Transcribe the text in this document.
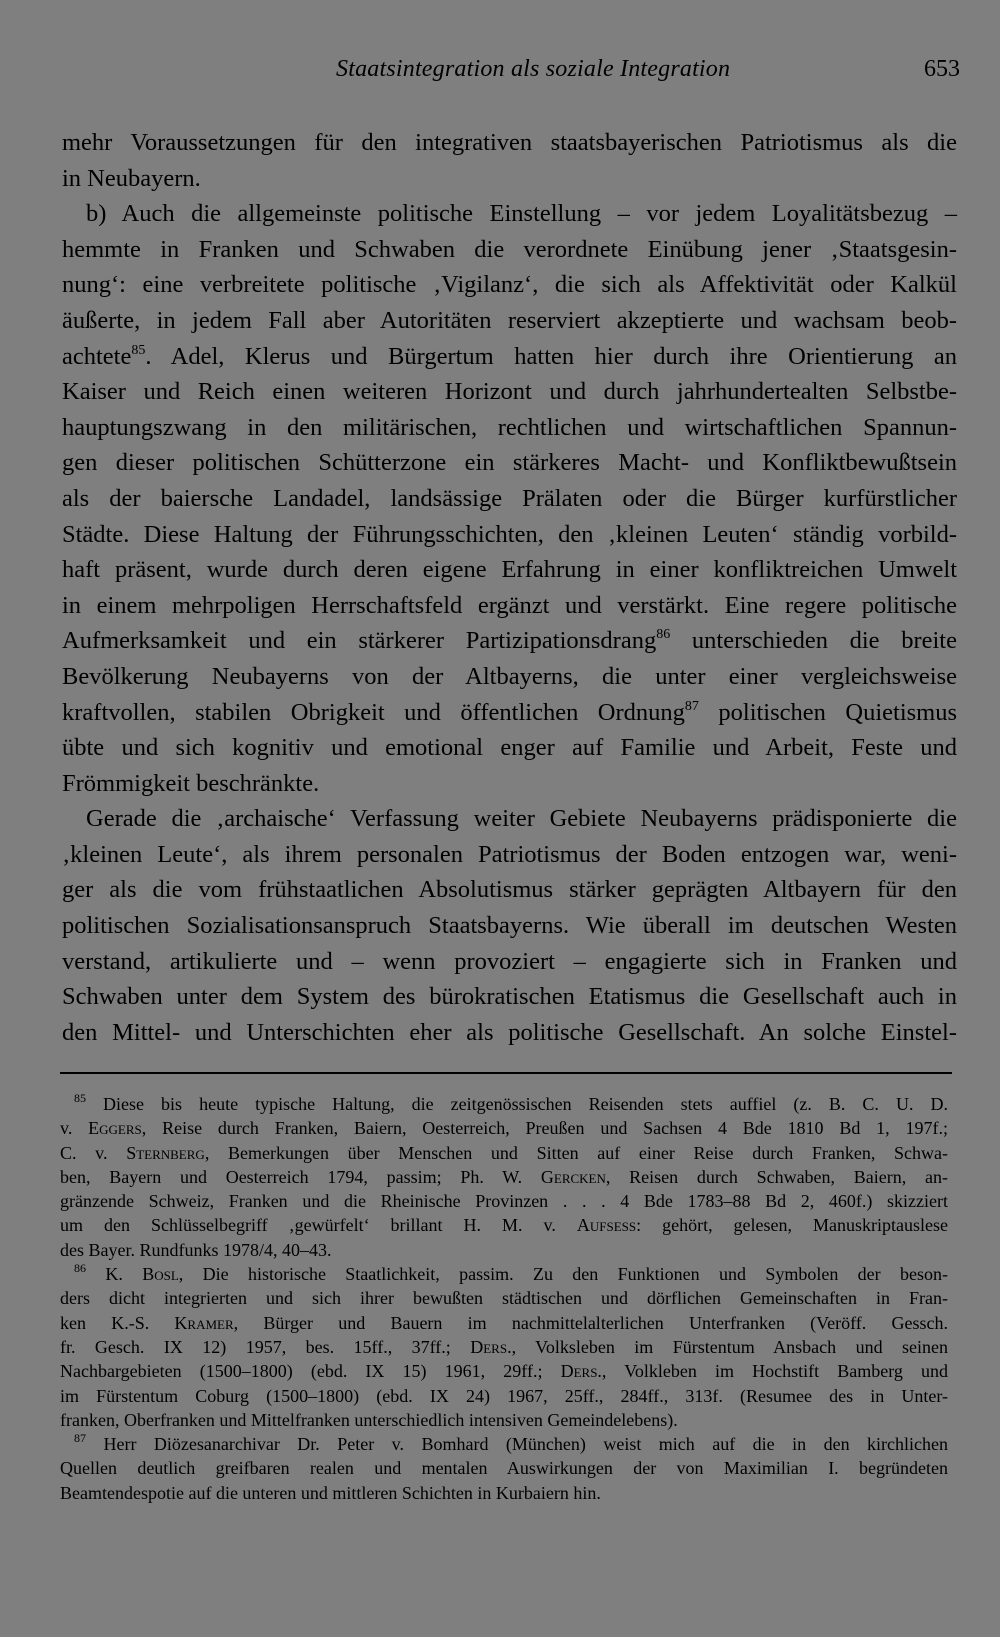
Staatsintegration als soziale Integration	653
mehr Voraussetzungen für den integrativen staatsbayerischen Patriotismus als die
in Neubayern.
b) Auch die allgemeinste politische Einstellung – vor jedem Loyalitätsbezug –
hemmte in Franken und Schwaben die verordnete Einübung jener ‚Staatsgesin-
nung‘: eine verbreitete politische ‚Vigilanz‘, die sich als Affektivität oder Kalkül
äußerte, in jedem Fall aber Autoritäten reserviert akzeptierte und wachsam beob-
achtete$^{85}$. Adel, Klerus und Bürgertum hatten hier durch ihre Orientierung an
Kaiser und Reich einen weiteren Horizont und durch jahrhundertealten Selbstbe-
hauptungszwang in den militärischen, rechtlichen und wirtschaftlichen Spannun-
gen dieser politischen Schütterzone ein stärkeres Macht- und Konfliktbewußtsein
als der baiersche Landadel, landsässige Prälaten oder die Bürger kurfürstlicher
Städte. Diese Haltung der Führungsschichten, den ‚kleinen Leuten‘ ständig vorbild-
haft präsent, wurde durch deren eigene Erfahrung in einer konfliktreichen Umwelt
in einem mehrpoligen Herrschaftsfeld ergänzt und verstärkt. Eine regere politische
Aufmerksamkeit und ein stärkerer Partizipationsdrang$^{86}$ unterschieden die breite
Bevölkerung Neubayerns von der Altbayerns, die unter einer vergleichsweise
kraftvollen, stabilen Obrigkeit und öffentlichen Ordnung$^{87}$ politischen Quietismus
übte und sich kognitiv und emotional enger auf Familie und Arbeit, Feste und
Frömmigkeit beschränkte.
Gerade die ‚archaische‘ Verfassung weiter Gebiete Neubayerns prädisponierte die
‚kleinen Leute‘, als ihrem personalen Patriotismus der Boden entzogen war, weni-
ger als die vom frühstaatlichen Absolutismus stärker geprägten Altbayern für den
politischen Sozialisationsanspruch Staatsbayerns. Wie überall im deutschen Westen
verstand, artikulierte und – wenn provoziert – engagierte sich in Franken und
Schwaben unter dem System des bürokratischen Etatismus die Gesellschaft auch in
den Mittel- und Unterschichten eher als politische Gesellschaft. An solche Einstel-
$^{85}$ Diese bis heute typische Haltung, die zeitgenössischen Reisenden stets auffiel (z. B. C. U. D.
v. Eggers, Reise durch Franken, Baiern, Oesterreich, Preußen und Sachsen 4 Bde 1810 Bd 1, 197f.;
C. v. Sternberg, Bemerkungen über Menschen und Sitten auf einer Reise durch Franken, Schwa-
ben, Bayern und Oesterreich 1794, passim; Ph. W. Gercken, Reisen durch Schwaben, Baiern, an-
gränzende Schweiz, Franken und die Rheinische Provinzen . . . 4 Bde 1783–88 Bd 2, 460f.) skizziert
um den Schlüsselbegriff ‚gewürfelt‘ brillant H. M. v. Aufsess: gehört, gelesen, Manuskriptauslese
des Bayer. Rundfunks 1978/4, 40–43.
$^{86}$ K. Bosl, Die historische Staatlichkeit, passim. Zu den Funktionen und Symbolen der beson-
ders dicht integrierten und sich ihrer bewußten städtischen und dörflichen Gemeinschaften in Fran-
ken K.-S. Kramer, Bürger und Bauern im nachmittelalterlichen Unterfranken (Veröff. Gessch.
fr. Gesch. IX 12) 1957, bes. 15ff., 37ff.; Ders., Volksleben im Fürstentum Ansbach und seinen
Nachbargebieten (1500–1800) (ebd. IX 15) 1961, 29ff.; Ders., Volkleben im Hochstift Bamberg und
im Fürstentum Coburg (1500–1800) (ebd. IX 24) 1967, 25ff., 284ff., 313f. (Resumee des in Unter-
franken, Oberfranken und Mittelfranken unterschiedlich intensiven Gemeindelebens).
$^{87}$ Herr Diözesanarchivar Dr. Peter v. Bomhard (München) weist mich auf die in den kirchlichen
Quellen deutlich greifbaren realen und mentalen Auswirkungen der von Maximilian I. begründeten
Beamtendespotie auf die unteren und mittleren Schichten in Kurbaiern hin.
